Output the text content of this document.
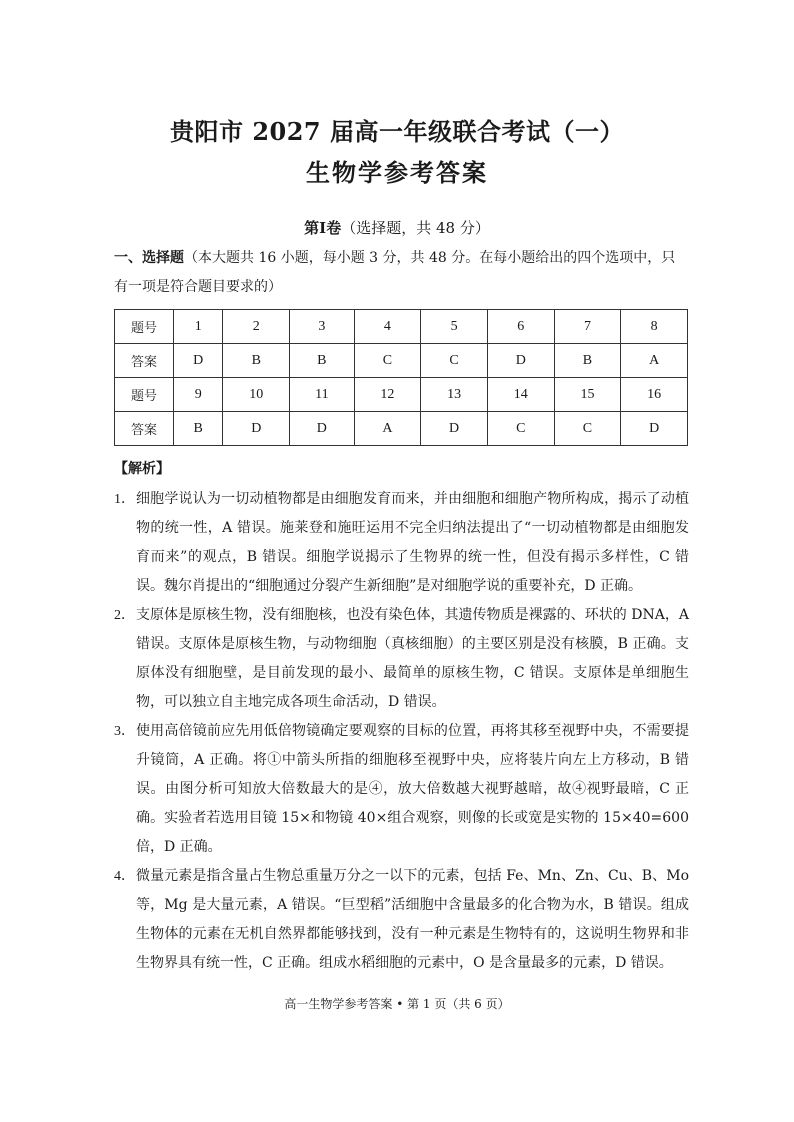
贵阳市 2027 届高一年级联合考试（一）
生物学参考答案
第Ⅰ卷（选择题，共 48 分）
一、选择题（本大题共 16 小题，每小题 3 分，共 48 分。在每小题给出的四个选项中，只有一项是符合题目要求的）
题号	1	2	3	4	5	6	7	8
答案	D	B	B	C	C	D	B	A
题号	9	10	11	12	13	14	15	16
答案	B	D	D	A	D	C	C	D
【解析】
1． 细胞学说认为一切动植物都是由细胞发育而来，并由细胞和细胞产物所构成，揭示了动植物的统一性，A 错误。施莱登和施旺运用不完全归纳法提出了“一切动植物都是由细胞发育而来”的观点，B 错误。细胞学说揭示了生物界的统一性，但没有揭示多样性，C 错误。魏尔肖提出的“细胞通过分裂产生新细胞”是对细胞学说的重要补充，D 正确。
2． 支原体是原核生物，没有细胞核，也没有染色体，其遗传物质是裸露的、环状的 DNA，A 错误。支原体是原核生物，与动物细胞（真核细胞）的主要区别是没有核膜，B 正确。支原体没有细胞壁，是目前发现的最小、最简单的原核生物，C 错误。支原体是单细胞生物，可以独立自主地完成各项生命活动，D 错误。
3． 使用高倍镜前应先用低倍物镜确定要观察的目标的位置，再将其移至视野中央，不需要提升镜筒，A 正确。将①中箭头所指的细胞移至视野中央，应将装片向左上方移动，B 错误。由图分析可知放大倍数最大的是④，放大倍数越大视野越暗，故④视野最暗，C 正确。实验者若选用目镜 15×和物镜 40×组合观察，则像的长或宽是实物的 15×40=600 倍，D 正确。
4． 微量元素是指含量占生物总重量万分之一以下的元素，包括 Fe、Mn、Zn、Cu、B、Mo 等，Mg 是大量元素，A 错误。“巨型稻”活细胞中含量最多的化合物为水，B 错误。组成生物体的元素在无机自然界都能够找到，没有一种元素是生物特有的，这说明生物界和非生物界具有统一性，C 正确。组成水稻细胞的元素中，O 是含量最多的元素，D 错误。
高一生物学参考答案 • 第 1 页（共 6 页）
